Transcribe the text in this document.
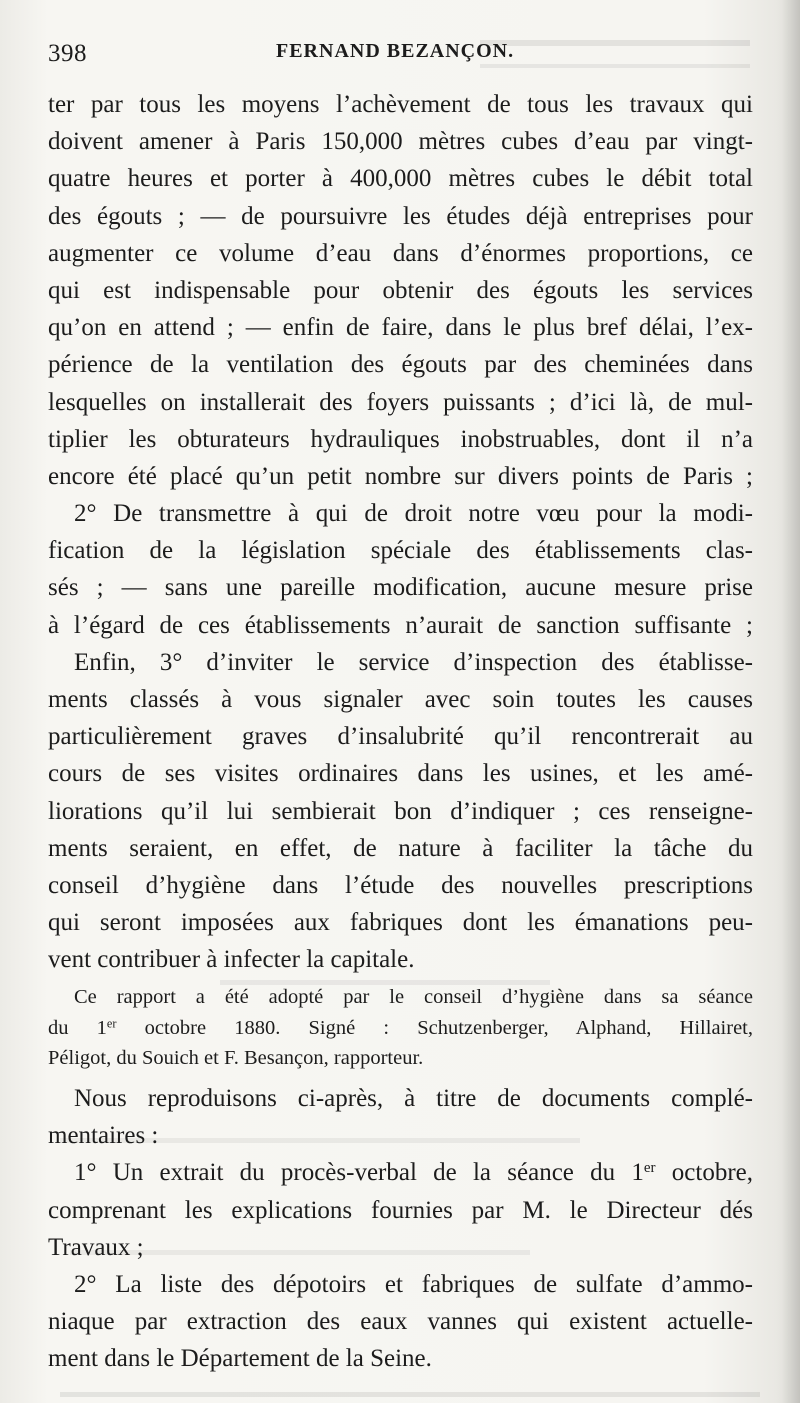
398	FERNAND BEZANÇON.
ter par tous les moyens l’achèvement de tous les travaux qui
doivent amener à Paris 150,000 mètres cubes d’eau par vingt-
quatre heures et porter à 400,000 mètres cubes le débit total
des égouts ; — de poursuivre les études déjà entreprises pour
augmenter ce volume d’eau dans d’énormes proportions, ce
qui est indispensable pour obtenir des égouts les services
qu’on en attend ; — enfin de faire, dans le plus bref délai, l’ex-
périence de la ventilation des égouts par des cheminées dans
lesquelles on installerait des foyers puissants ; d’ici là, de mul-
tiplier les obturateurs hydrauliques inobstruables, dont il n’a
encore été placé qu’un petit nombre sur divers points de Paris ;
2° De transmettre à qui de droit notre vœu pour la modi-
fication de la législation spéciale des établissements clas-
sés ; — sans une pareille modification, aucune mesure prise
à l’égard de ces établissements n’aurait de sanction suffisante ;
Enfin, 3° d’inviter le service d’inspection des établisse-
ments classés à vous signaler avec soin toutes les causes
particulièrement graves d’insalubrité qu’il rencontrerait au
cours de ses visites ordinaires dans les usines, et les amé-
liorations qu’il lui sembierait bon d’indiquer ; ces renseigne-
ments seraient, en effet, de nature à faciliter la tâche du
conseil d’hygiène dans l’étude des nouvelles prescriptions
qui seront imposées aux fabriques dont les émanations peu-
vent contribuer à infecter la capitale.
Ce rapport a été adopté par le conseil d’hygiène dans sa séance
du 1er octobre 1880. Signé : Schutzenberger, Alphand, Hillairet,
Péligot, du Souich et F. Besançon, rapporteur.
Nous reproduisons ci-après, à titre de documents complé-
mentaires :
1° Un extrait du procès-verbal de la séance du 1er octobre,
comprenant les explications fournies par M. le Directeur dés
Travaux ;
2° La liste des dépotoirs et fabriques de sulfate d’ammo-
niaque par extraction des eaux vannes qui existent actuelle-
ment dans le Département de la Seine.
